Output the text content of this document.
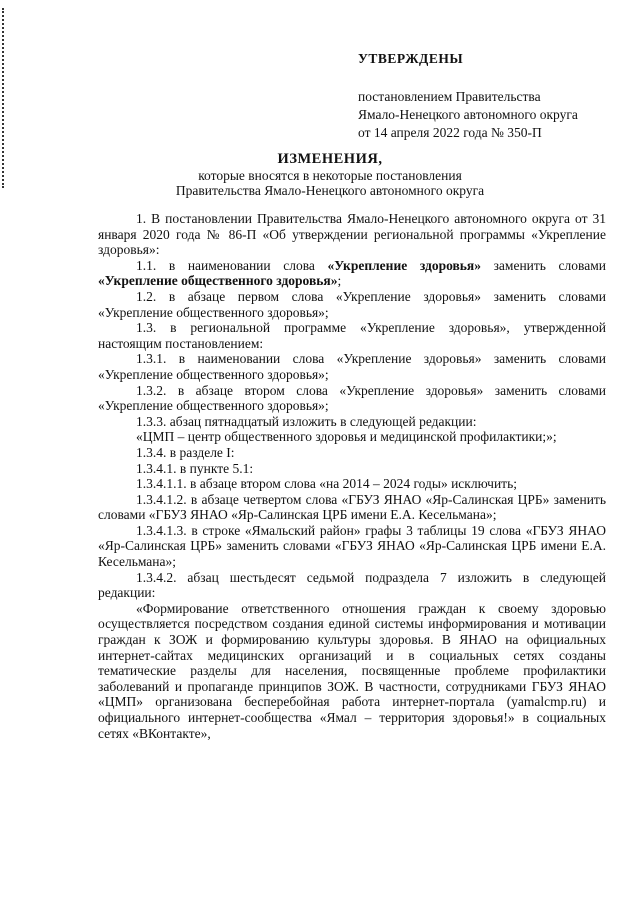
УТВЕРЖДЕНЫ
постановлением Правительства
Ямало-Ненецкого автономного округа
от 14 апреля 2022 года № 350-П
ИЗМЕНЕНИЯ,
которые вносятся в некоторые постановления
Правительства Ямало-Ненецкого автономного округа

1. В постановлении Правительства Ямало-Ненецкого автономного округа от 31 января 2020 года № 86-П «Об утверждении региональной программы «Укрепление здоровья»:

1.1. в наименовании слова «Укрепление здоровья» заменить словами «Укрепление общественного здоровья»;

1.2. в абзаце первом слова «Укрепление здоровья» заменить словами «Укрепление общественного здоровья»;

1.3. в региональной программе «Укрепление здоровья», утвержденной настоящим постановлением:

1.3.1. в наименовании слова «Укрепление здоровья» заменить словами «Укрепление общественного здоровья»;

1.3.2. в абзаце втором слова «Укрепление здоровья» заменить словами «Укрепление общественного здоровья»;

1.3.3. абзац пятнадцатый изложить в следующей редакции:

«ЦМП – центр общественного здоровья и медицинской профилактики;»;

1.3.4. в разделе I:

1.3.4.1. в пункте 5.1:

1.3.4.1.1. в абзаце втором слова «на 2014 – 2024 годы» исключить;

1.3.4.1.2. в абзаце четвертом слова «ГБУЗ ЯНАО «Яр-Салинская ЦРБ» заменить словами «ГБУЗ ЯНАО «Яр-Салинская ЦРБ имени Е.А. Кесельмана»;

1.3.4.1.3. в строке «Ямальский район» графы 3 таблицы 19 слова «ГБУЗ ЯНАО «Яр-Салинская ЦРБ» заменить словами «ГБУЗ ЯНАО «Яр-Салинская ЦРБ имени Е.А. Кесельмана»;

1.3.4.2. абзац шестьдесят седьмой подраздела 7 изложить в следующей редакции:

«Формирование ответственного отношения граждан к своему здоровью осуществляется посредством создания единой системы информирования и мотивации граждан к ЗОЖ и формированию культуры здоровья. В ЯНАО на официальных интернет-сайтах медицинских организаций и в социальных сетях созданы тематические разделы для населения, посвященные проблеме профилактики заболеваний и пропаганде принципов ЗОЖ. В частности, сотрудниками ГБУЗ ЯНАО «ЦМП» организована бесперебойная работа интернет-портала (yamalcmp.ru) и официального интернет-сообщества «Ямал – территория здоровья!» в социальных сетях «ВКонтакте»,
